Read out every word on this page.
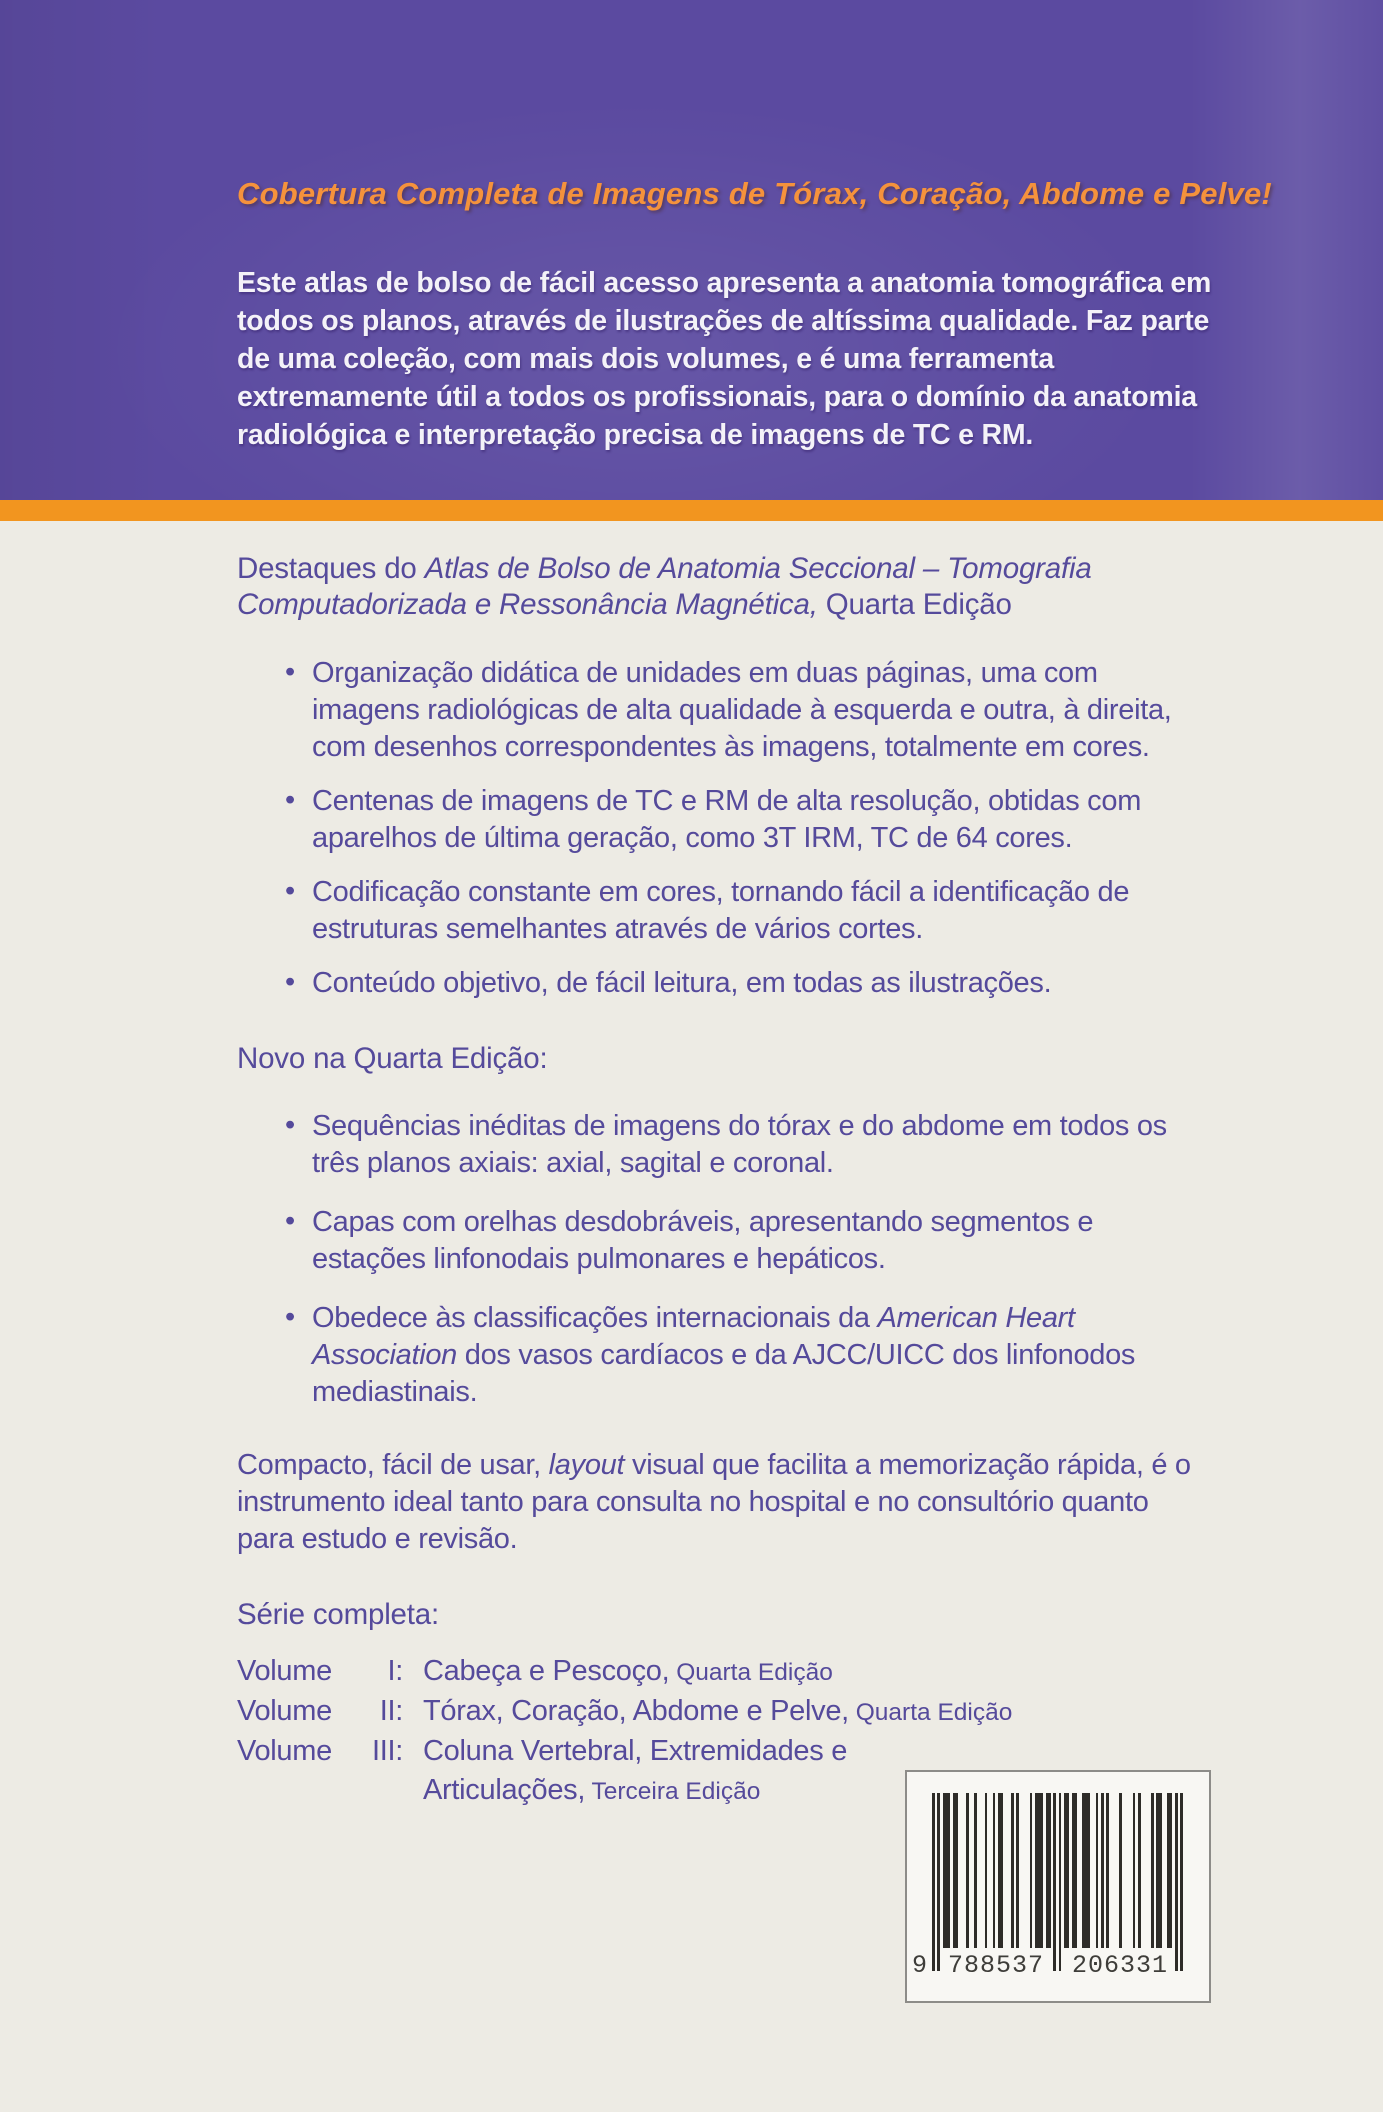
Cobertura Completa de Imagens de Tórax, Coração, Abdome e Pelve!

Este atlas de bolso de fácil acesso apresenta a anatomia tomográfica em todos os planos, através de ilustrações de altíssima qualidade. Faz parte de uma coleção, com mais dois volumes, e é uma ferramenta extremamente útil a todos os profissionais, para o domínio da anatomia radiológica e interpretação precisa de imagens de TC e RM.

Destaques do Atlas de Bolso de Anatomia Seccional – Tomografia Computadorizada e Ressonância Magnética, Quarta Edição
• Organização didática de unidades em duas páginas, uma com imagens radiológicas de alta qualidade à esquerda e outra, à direita, com desenhos correspondentes às imagens, totalmente em cores.
• Centenas de imagens de TC e RM de alta resolução, obtidas com aparelhos de última geração, como 3T IRM, TC de 64 cores.
• Codificação constante em cores, tornando fácil a identificação de estruturas semelhantes através de vários cortes.
• Conteúdo objetivo, de fácil leitura, em todas as ilustrações.
Novo na Quarta Edição:
• Sequências inéditas de imagens do tórax e do abdome em todos os três planos axiais: axial, sagital e coronal.
• Capas com orelhas desdobráveis, apresentando segmentos e estações linfonodais pulmonares e hepáticos.
• Obedece às classificações internacionais da American Heart Association dos vasos cardíacos e da AJCC/UICC dos linfonodos mediastinais.

Compacto, fácil de usar, layout visual que facilita a memorização rápida, é o instrumento ideal tanto para consulta no hospital e no consultório quanto para estudo e revisão.

Série completa:
Volume	I: Cabeça e Pescoço, Quarta Edição
Volume	II: Tórax, Coração, Abdome e Pelve, Quarta Edição
Volume	III: Coluna Vertebral, Extremidades e
Articulações, Terceira Edição
9 788537 206331
